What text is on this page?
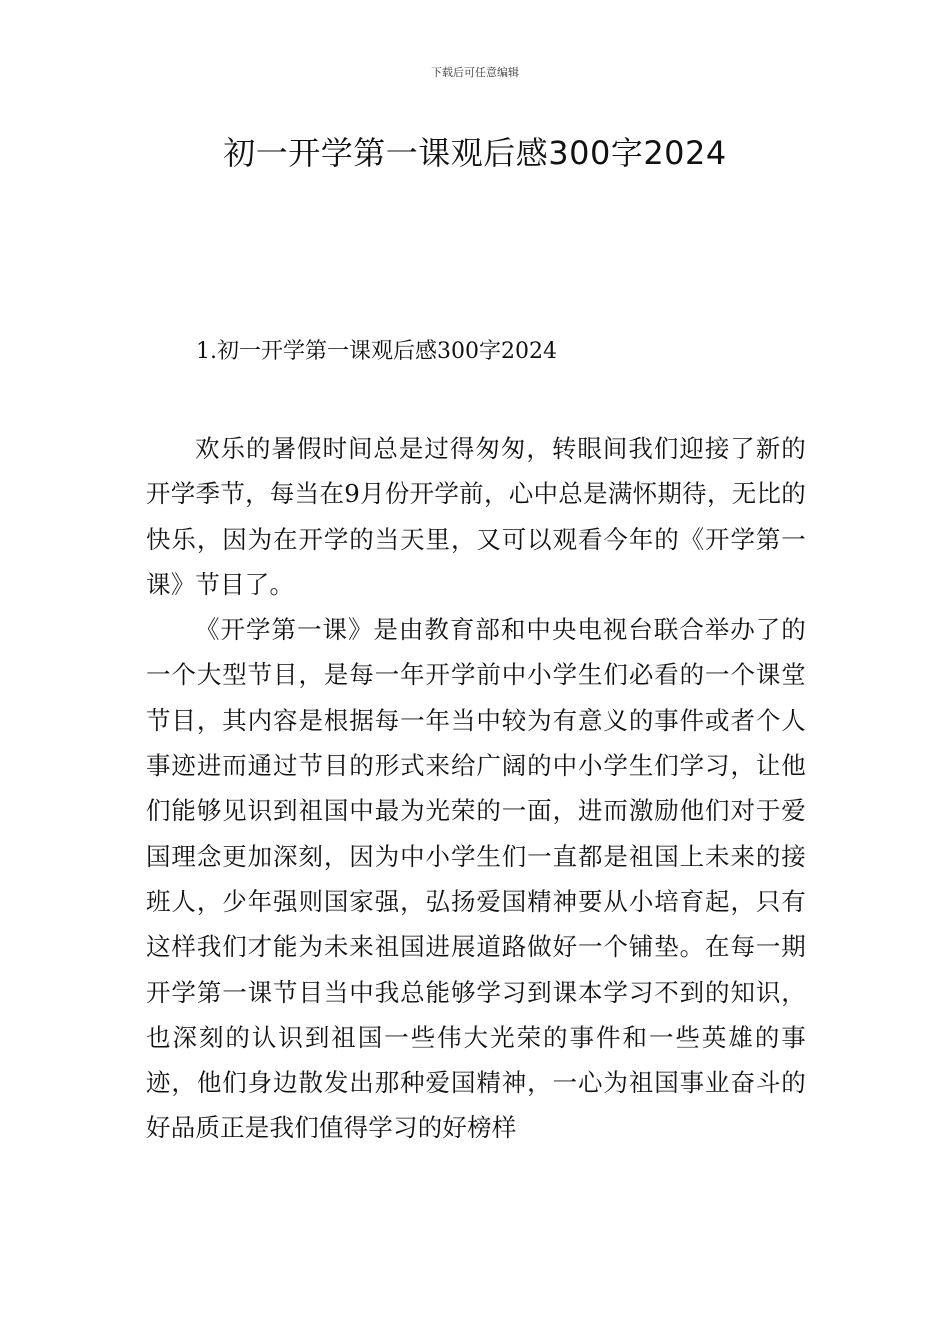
下载后可任意编辑
初一开学第一课观后感300字2024
1.初一开学第一课观后感300字2024

欢乐的暑假时间总是过得匆匆，转眼间我们迎接了新的开学季节，每当在9月份开学前，心中总是满怀期待，无比的快乐，因为在开学的当天里，又可以观看今年的《开学第一课》节目了。

《开学第一课》是由教育部和中央电视台联合举办了的一个大型节目，是每一年开学前中小学生们必看的一个课堂节目，其内容是根据每一年当中较为有意义的事件或者个人事迹进而通过节目的形式来给广阔的中小学生们学习，让他们能够见识到祖国中最为光荣的一面，进而激励他们对于爱国理念更加深刻，因为中小学生们一直都是祖国上未来的接班人，少年强则国家强，弘扬爱国精神要从小培育起，只有这样我们才能为未来祖国进展道路做好一个铺垫。在每一期开学第一课节目当中我总能够学习到课本学习不到的知识，也深刻的认识到祖国一些伟大光荣的事件和一些英雄的事迹，他们身边散发出那种爱国精神，一心为祖国事业奋斗的好品质正是我们值得学习的好榜样
